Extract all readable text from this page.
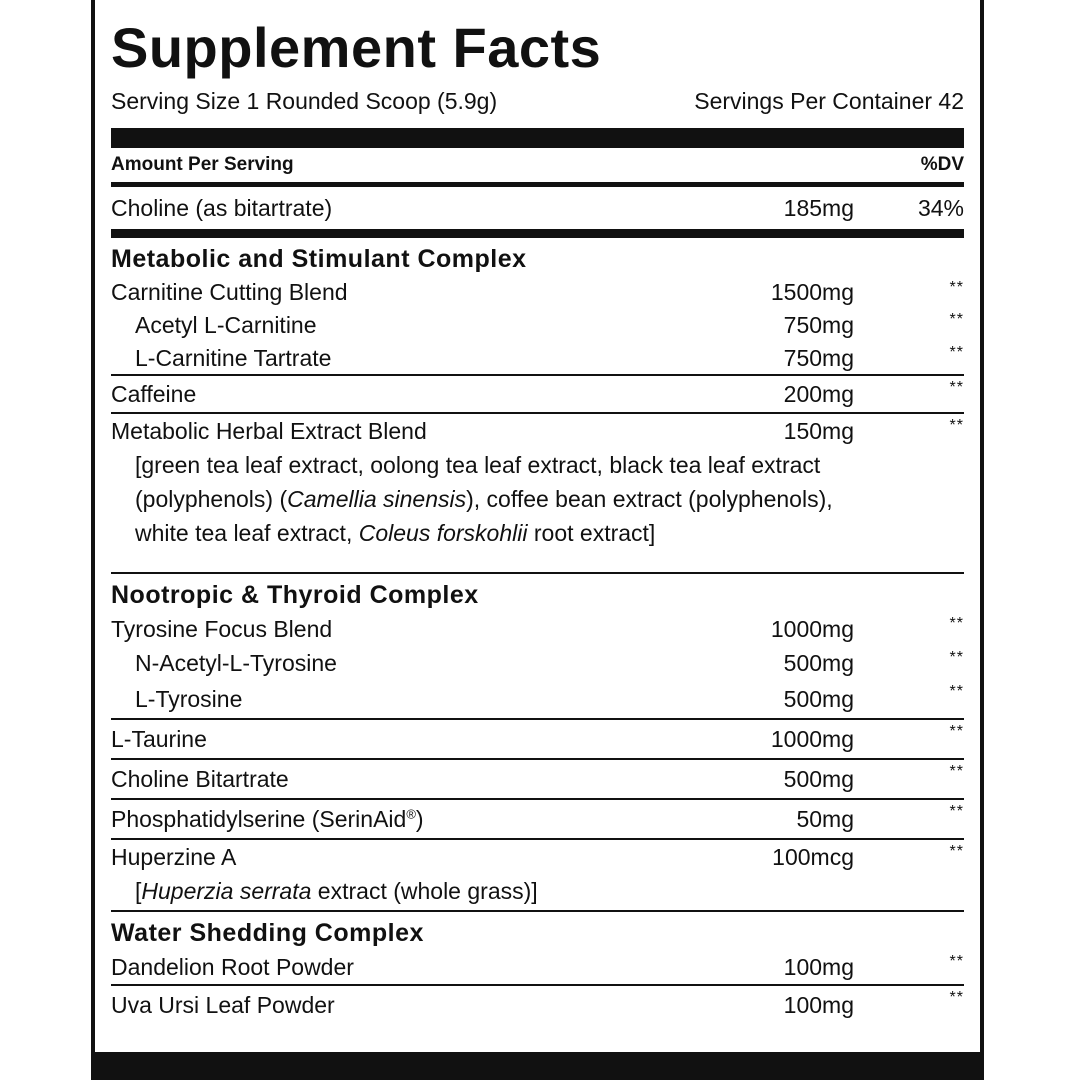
Supplement Facts
Serving Size 1 Rounded Scoop (5.9g)	Servings Per Container 42
Amount Per Serving	%DV
Choline (as bitartrate)	185mg	34%
Metabolic and Stimulant Complex
Carnitine Cutting Blend	1500mg	**
Acetyl L-Carnitine	750mg	**
L-Carnitine Tartrate	750mg	**
Caffeine	200mg	**
Metabolic Herbal Extract Blend	150mg	**
[green tea leaf extract, oolong tea leaf extract, black tea leaf extract (polyphenols) (Camellia sinensis), coffee bean extract (polyphenols), white tea leaf extract, Coleus forskohlii root extract]
Nootropic & Thyroid Complex
Tyrosine Focus Blend	1000mg	**
N-Acetyl-L-Tyrosine	500mg	**
L-Tyrosine	500mg	**
L-Taurine	1000mg	**
Choline Bitartrate	500mg	**
Phosphatidylserine (SerinAid®)	50mg	**
Huperzine A	100mcg	**
[Huperzia serrata extract (whole grass)]
Water Shedding Complex
Dandelion Root Powder	100mg	**
Uva Ursi Leaf Powder	100mg	**
